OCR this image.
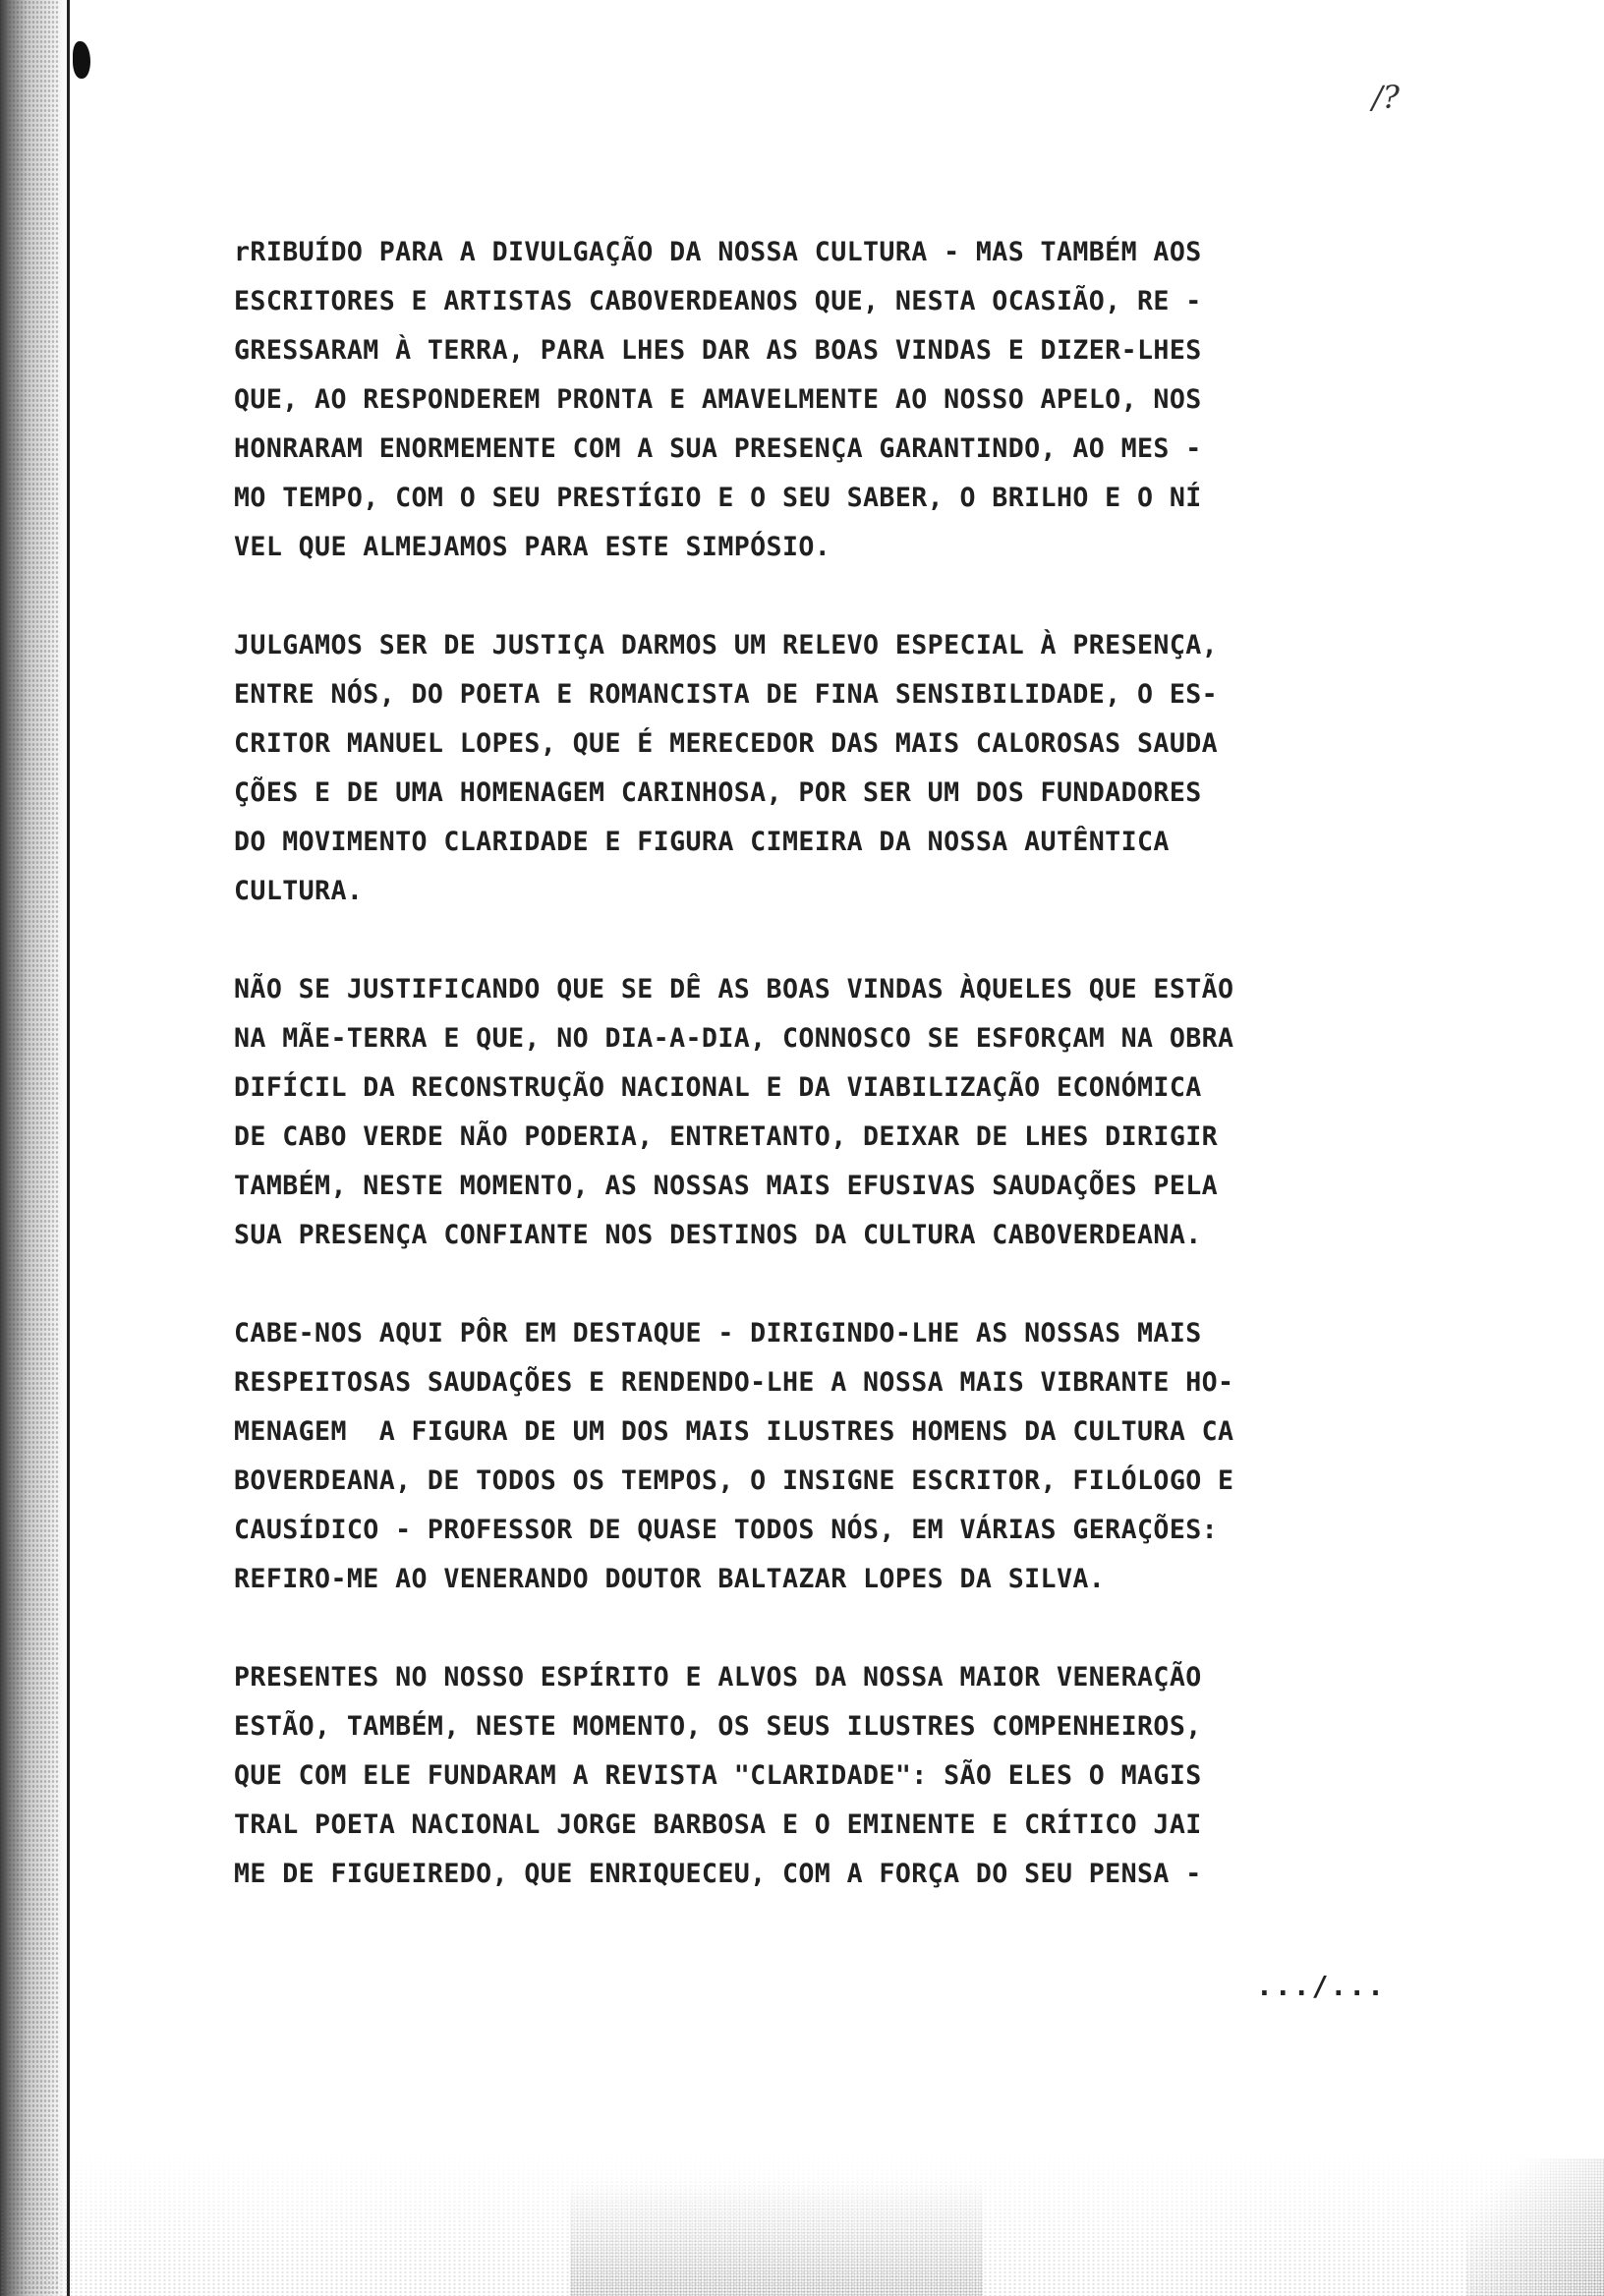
/?
rRIBUÍDO PARA A DIVULGAÇÃO DA NOSSA CULTURA - MAS TAMBÉM AOS
ESCRITORES E ARTISTAS CABOVERDEANOS QUE, NESTA OCASIÃO, RE -
GRESSARAM À TERRA, PARA LHES DAR AS BOAS VINDAS E DIZER-LHES
QUE, AO RESPONDEREM PRONTA E AMAVELMENTE AO NOSSO APELO, NOS
HONRARAM ENORMEMENTE COM A SUA PRESENÇA GARANTINDO, AO MES -
MO TEMPO, COM O SEU PRESTÍGIO E O SEU SABER, O BRILHO E O NÍ
VEL QUE ALMEJAMOS PARA ESTE SIMPÓSIO.
JULGAMOS SER DE JUSTIÇA DARMOS UM RELEVO ESPECIAL À PRESENÇA,
ENTRE NÓS, DO POETA E ROMANCISTA DE FINA SENSIBILIDADE, O ES-
CRITOR MANUEL LOPES, QUE É MERECEDOR DAS MAIS CALOROSAS SAUDA
ÇÕES E DE UMA HOMENAGEM CARINHOSA, POR SER UM DOS FUNDADORES
DO MOVIMENTO CLARIDADE E FIGURA CIMEIRA DA NOSSA AUTÊNTICA
CULTURA.
NÃO SE JUSTIFICANDO QUE SE DÊ AS BOAS VINDAS ÀQUELES QUE ESTÃO
NA MÃE-TERRA E QUE, NO DIA-A-DIA, CONNOSCO SE ESFORÇAM NA OBRA
DIFÍCIL DA RECONSTRUÇÃO NACIONAL E DA VIABILIZAÇÃO ECONÓMICA
DE CABO VERDE NÃO PODERIA, ENTRETANTO, DEIXAR DE LHES DIRIGIR
TAMBÉM, NESTE MOMENTO, AS NOSSAS MAIS EFUSIVAS SAUDAÇÕES PELA
SUA PRESENÇA CONFIANTE NOS DESTINOS DA CULTURA CABOVERDEANA.
CABE-NOS AQUI PÔR EM DESTAQUE - DIRIGINDO-LHE AS NOSSAS MAIS
RESPEITOSAS SAUDAÇÕES E RENDENDO-LHE A NOSSA MAIS VIBRANTE HO-
MENAGEM  A FIGURA DE UM DOS MAIS ILUSTRES HOMENS DA CULTURA CA
BOVERDEANA, DE TODOS OS TEMPOS, O INSIGNE ESCRITOR, FILÓLOGO E
CAUSÍDICO - PROFESSOR DE QUASE TODOS NÓS, EM VÁRIAS GERAÇÕES:
REFIRO-ME AO VENERANDO DOUTOR BALTAZAR LOPES DA SILVA.
PRESENTES NO NOSSO ESPÍRITO E ALVOS DA NOSSA MAIOR VENERAÇÃO
ESTÃO, TAMBÉM, NESTE MOMENTO, OS SEUS ILUSTRES COMPENHEIROS,
QUE COM ELE FUNDARAM A REVISTA "CLARIDADE": SÃO ELES O MAGIS
TRAL POETA NACIONAL JORGE BARBOSA E O EMINENTE E CRÍTICO JAI
ME DE FIGUEIREDO, QUE ENRIQUECEU, COM A FORÇA DO SEU PENSA -
.../...
